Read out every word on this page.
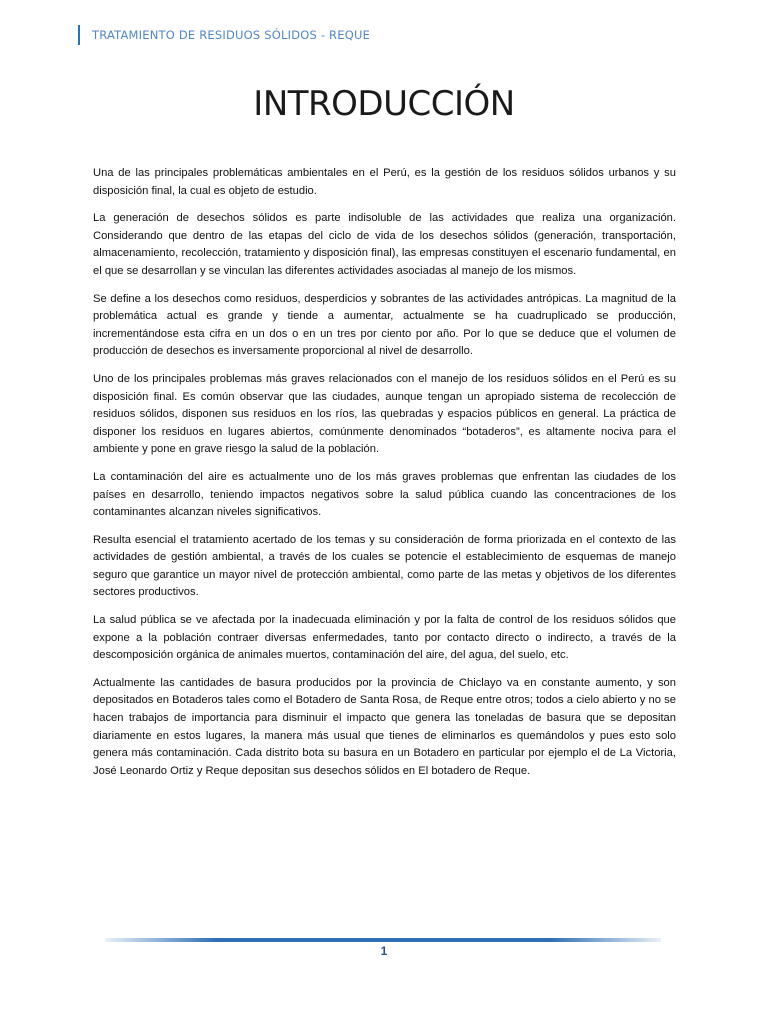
TRATAMIENTO DE RESIDUOS SÓLIDOS - REQUE
INTRODUCCIÓN

Una de las principales problemáticas ambientales en el Perú, es la gestión de los residuos sólidos urbanos y su disposición final, la cual es objeto de estudio.

La generación de desechos sólidos es parte indisoluble de las actividades que realiza una organización. Considerando que dentro de las etapas del ciclo de vida de los desechos sólidos (generación, transportación, almacenamiento, recolección, tratamiento y disposición final), las empresas constituyen el escenario fundamental, en el que se desarrollan y se vinculan las diferentes actividades asociadas al manejo de los mismos.

Se define a los desechos como residuos, desperdicios y sobrantes de las actividades antrópicas. La magnitud de la problemática actual es grande y tiende a aumentar, actualmente se ha cuadruplicado se producción, incrementándose esta cifra en un dos o en un tres por ciento por año. Por lo que se deduce que el volumen de producción de desechos es inversamente proporcional al nivel de desarrollo.

Uno de los principales problemas más graves relacionados con el manejo de los residuos sólidos en el Perú es su disposición final. Es común observar que las ciudades, aunque tengan un apropiado sistema de recolección de residuos sólidos, disponen sus residuos en los ríos, las quebradas y espacios públicos en general. La práctica de disponer los residuos en lugares abiertos, comúnmente denominados “botaderos”, es altamente nociva para el ambiente y pone en grave riesgo la salud de la población.

La contaminación del aire es actualmente uno de los más graves problemas que enfrentan las ciudades de los países en desarrollo, teniendo impactos negativos sobre la salud pública cuando las concentraciones de los contaminantes alcanzan niveles significativos.

Resulta esencial el tratamiento acertado de los temas y su consideración de forma priorizada en el contexto de las actividades de gestión ambiental, a través de los cuales se potencie el establecimiento de esquemas de manejo seguro que garantice un mayor nivel de protección ambiental, como parte de las metas y objetivos de los diferentes sectores productivos.

La salud pública se ve afectada por la inadecuada eliminación y por la falta de control de los residuos sólidos que expone a la población contraer diversas enfermedades, tanto por contacto directo o indirecto, a través de la descomposición orgánica de animales muertos, contaminación del aire, del agua, del suelo, etc.

Actualmente las cantidades de basura producidos por la provincia de Chiclayo va en constante aumento, y son depositados en Botaderos tales como el Botadero de Santa Rosa, de Reque entre otros; todos a cielo abierto y no se hacen trabajos de importancia para disminuir el impacto que genera las toneladas de basura que se depositan diariamente en estos lugares, la manera más usual que tienes de eliminarlos es quemándolos y pues esto solo genera más contaminación. Cada distrito bota su basura en un Botadero en particular por ejemplo el de La Victoria, José Leonardo Ortiz y Reque depositan sus desechos sólidos en El botadero de Reque.

1
